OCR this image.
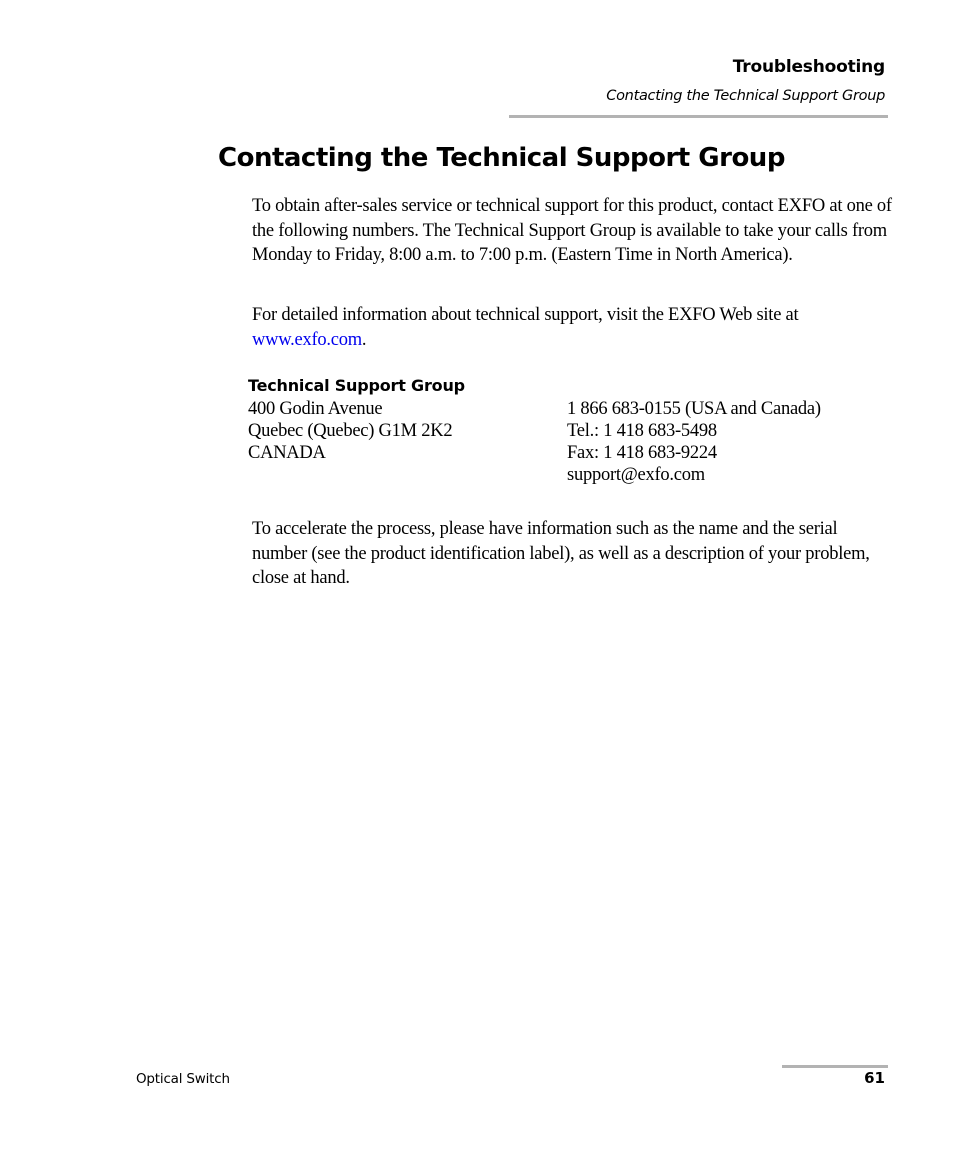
Troubleshooting
Contacting the Technical Support Group
Contacting the Technical Support Group

To obtain after-sales service or technical support for this product, contact EXFO at one of the following numbers. The Technical Support Group is available to take your calls from Monday to Friday, 8:00 a.m. to 7:00 p.m. (Eastern Time in North America).

For detailed information about technical support, visit the EXFO Web site at www.exfo.com.

Technical Support Group
400 Godin Avenue
Quebec (Quebec) G1M 2K2
CANADA
1 866 683-0155 (USA and Canada)
Tel.: 1 418 683-5498
Fax: 1 418 683-9224
support@exfo.com

To accelerate the process, please have information such as the name and the serial number (see the product identification label), as well as a description of your problem, close at hand.

Optical Switch	61
